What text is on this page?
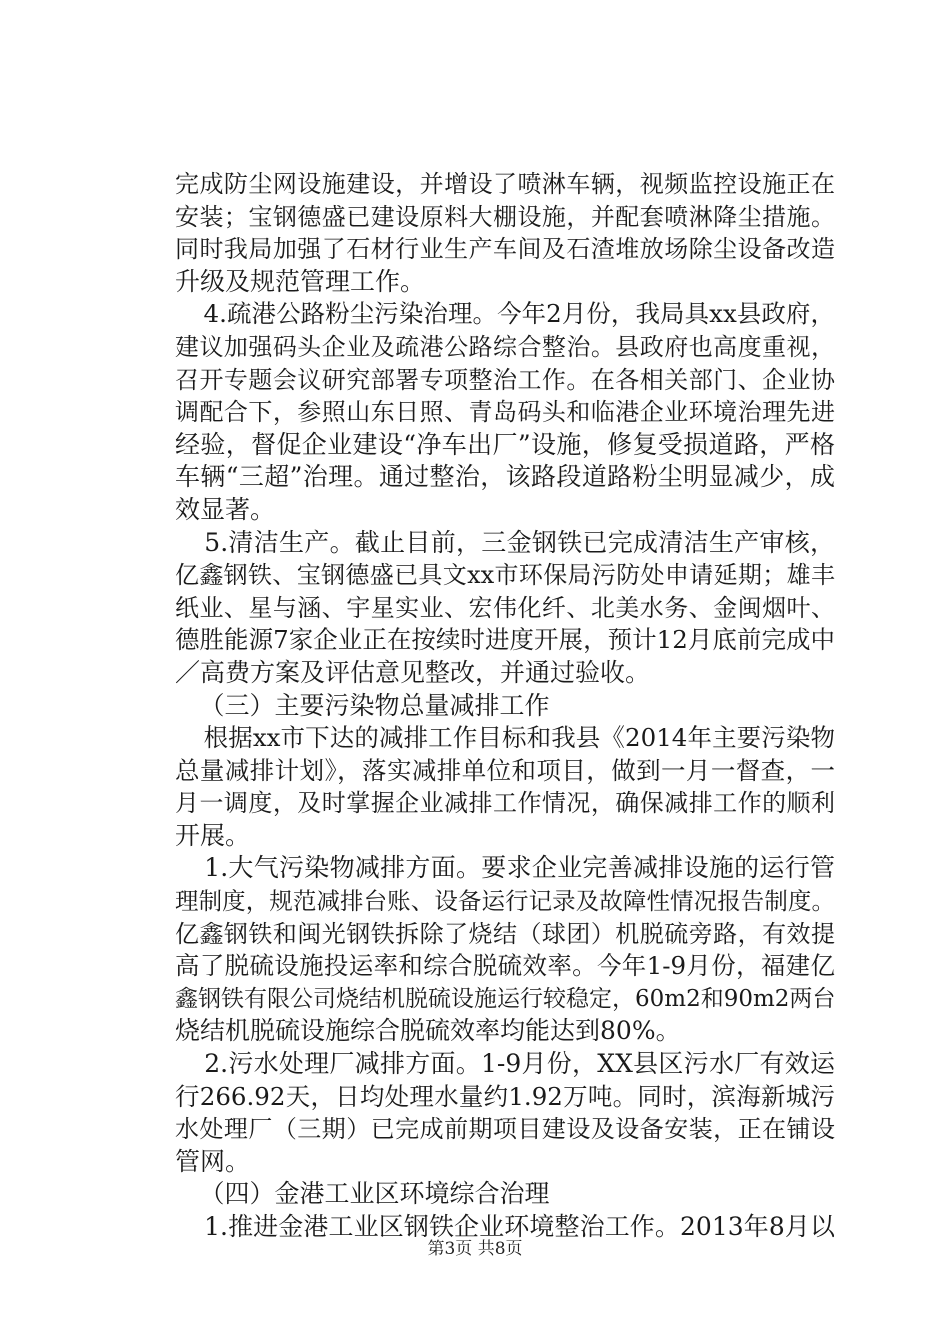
完成防尘网设施建设，并增设了喷淋车辆，视频监控设施正在
安装；宝钢德盛已建设原料大棚设施，并配套喷淋降尘措施。
同时我局加强了石材行业生产车间及石渣堆放场除尘设备改造
升级及规范管理工作。
　4.疏港公路粉尘污染治理。今年2月份，我局具xx县政府，
建议加强码头企业及疏港公路综合整治。县政府也高度重视，
召开专题会议研究部署专项整治工作。在各相关部门、企业协
调配合下，参照山东日照、青岛码头和临港企业环境治理先进
经验，督促企业建设“净车出厂”设施，修复受损道路，严格
车辆“三超”治理。通过整治，该路段道路粉尘明显减少，成
效显著。
　5.清洁生产。截止目前，三金钢铁已完成清洁生产审核，
亿鑫钢铁、宝钢德盛已具文xx市环保局污防处申请延期；雄丰
纸业、星与涵、宇星实业、宏伟化纤、北美水务、金闽烟叶、
德胜能源7家企业正在按续时进度开展，预计12月底前完成中
／高费方案及评估意见整改，并通过验收。
　（三）主要污染物总量减排工作
　根据xx市下达的减排工作目标和我县《2014年主要污染物
总量减排计划》，落实减排单位和项目，做到一月一督查，一
月一调度，及时掌握企业减排工作情况，确保减排工作的顺利
开展。
　1.大气污染物减排方面。要求企业完善减排设施的运行管
理制度，规范减排台账、设备运行记录及故障性情况报告制度。
亿鑫钢铁和闽光钢铁拆除了烧结（球团）机脱硫旁路，有效提
高了脱硫设施投运率和综合脱硫效率。今年1-9月份，福建亿
鑫钢铁有限公司烧结机脱硫设施运行较稳定，60m2和90m2两台
烧结机脱硫设施综合脱硫效率均能达到80%。
　2.污水处理厂减排方面。1-9月份，XX县区污水厂有效运
行266.92天，日均处理水量约1.92万吨。同时，滨海新城污
水处理厂（三期）已完成前期项目建设及设备安装，正在铺设
管网。
　（四）金港工业区环境综合治理
　1.推进金港工业区钢铁企业环境整治工作。2013年8月以
第3页 共8页
